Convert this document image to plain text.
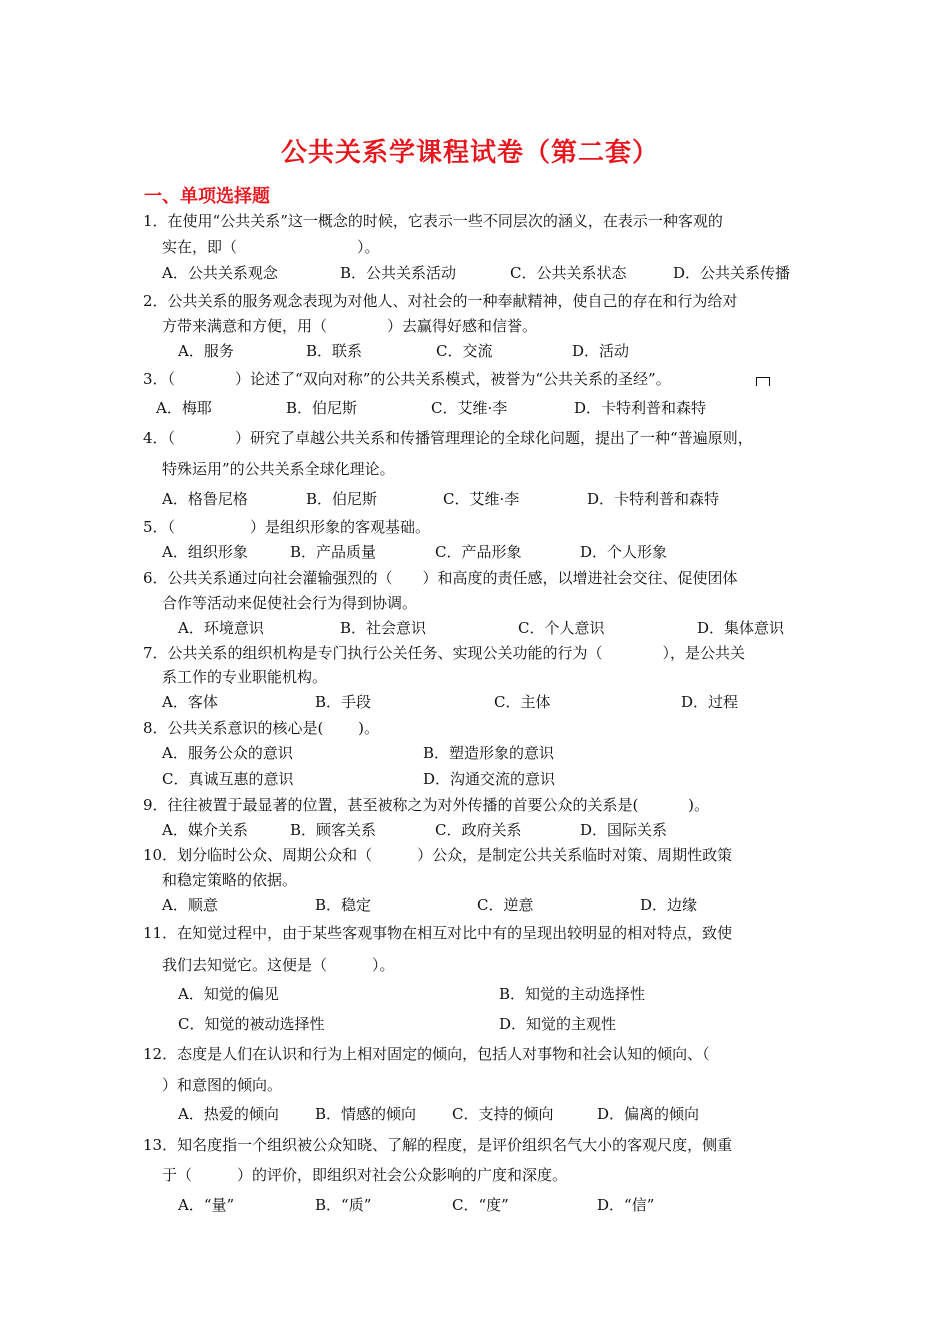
公共关系学课程试卷（第二套）
一、单项选择题
1．在使用“公共关系”这一概念的时候，它表示一些不同层次的涵义，在表示一种客观的
实在，即（　　　　　　　　）。
A．公共关系观念	B．公共关系活动	C．公共关系状态	D．公共关系传播
2．公共关系的服务观念表现为对他人、对社会的一种奉献精神，使自己的存在和行为给对
方带来满意和方便，用（　　　　）去赢得好感和信誉。
A．服务	B．联系	C．交流	D．活动
3．（　　　　）论述了“双向对称”的公共关系模式，被誉为“公共关系的圣经”。
A．梅耶	B．伯尼斯	C．艾维·李	D．卡特利普和森特
4．（　　　　）研究了卓越公共关系和传播管理理论的全球化问题，提出了一种“普遍原则，
特殊运用”的公共关系全球化理论。
A．格鲁尼格	B．伯尼斯	C．艾维·李	D．卡特利普和森特
5．（　　　　　）是组织形象的客观基础。
A．组织形象	B．产品质量	C．产品形象	D．个人形象
6．公共关系通过向社会灌输强烈的（　　）和高度的责任感，以增进社会交往、促使团体
合作等活动来促使社会行为得到协调。
A．环境意识	B．社会意识	C．个人意识	D．集体意识
7．公共关系的组织机构是专门执行公关任务、实现公关功能的行为（　　　　），是公共关
系工作的专业职能机构。
A．客体	B．手段	C．主体	D．过程
8．公共关系意识的核心是(　　 )。
A．服务公众的意识	B．塑造形象的意识
C．真诚互惠的意识	D．沟通交流的意识
9．往往被置于最显著的位置，甚至被称之为对外传播的首要公众的关系是(　　　 )。
A．媒介关系	B．顾客关系	C．政府关系	D．国际关系
10．划分临时公众、周期公众和（　　　）公众，是制定公共关系临时对策、周期性政策
和稳定策略的依据。
A．顺意	B．稳定	C．逆意	D．边缘
11．在知觉过程中，由于某些客观事物在相互对比中有的呈现出较明显的相对特点，致使
我们去知觉它。这便是（　　　）。
A．知觉的偏见	B．知觉的主动选择性
C．知觉的被动选择性	D．知觉的主观性
12．态度是人们在认识和行为上相对固定的倾向，包括人对事物和社会认知的倾向、（
）和意图的倾向。
A．热爱的倾向 B．情感的倾向 C．支持的倾向	D．偏离的倾向
13．知名度指一个组织被公众知晓、了解的程度，是评价组织名气大小的客观尺度，侧重
于（　　　）的评价，即组织对社会公众影响的广度和深度。
A．“量”	B．“质”	C．“度”	D．“信”
